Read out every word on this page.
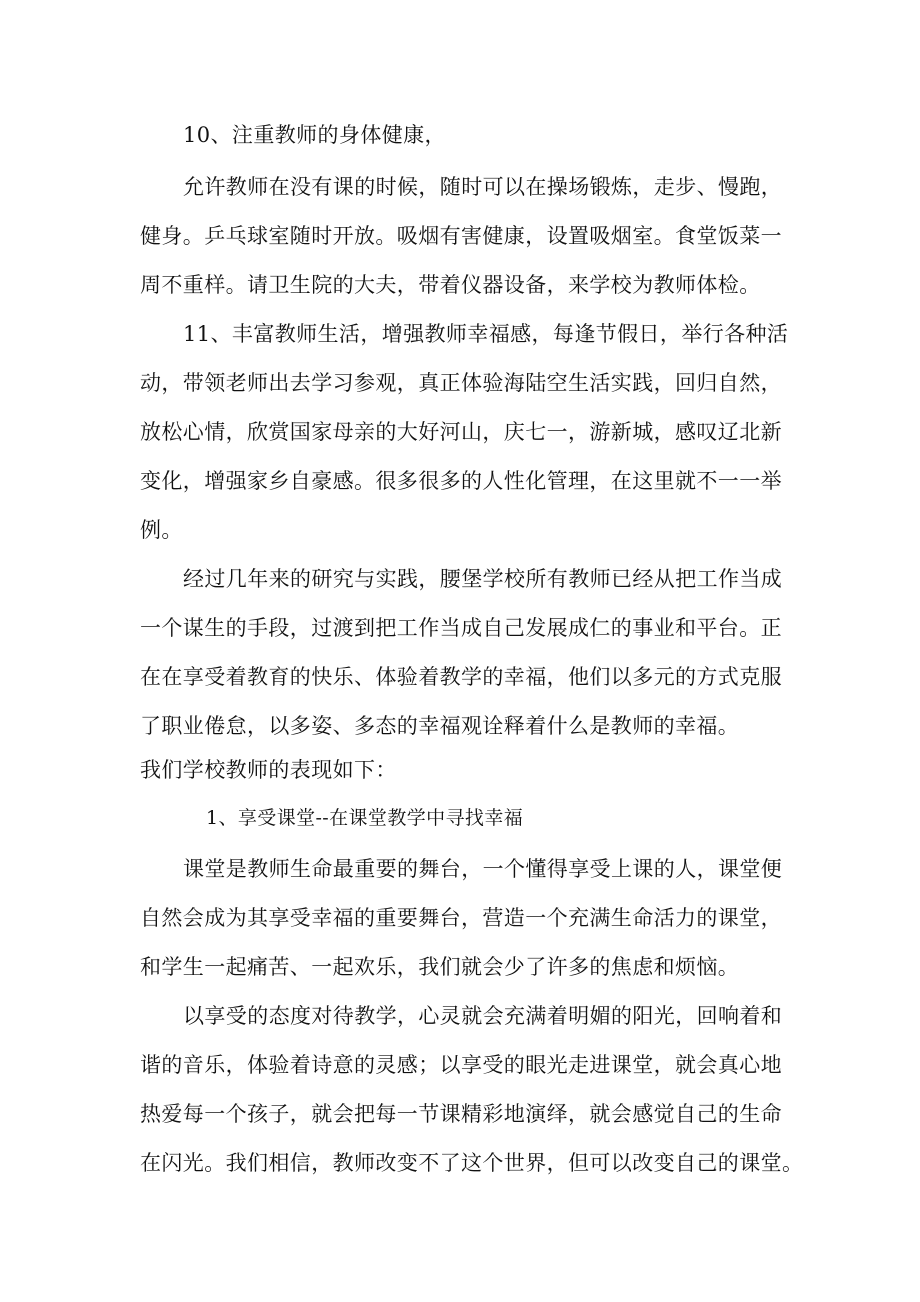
10、注重教师的身体健康，
允许教师在没有课的时候，随时可以在操场锻炼，走步、慢跑，
健身。乒乓球室随时开放。吸烟有害健康，设置吸烟室。食堂饭菜一
周不重样。请卫生院的大夫，带着仪器设备，来学校为教师体检。
11、丰富教师生活，增强教师幸福感，每逢节假日，举行各种活
动，带领老师出去学习参观，真正体验海陆空生活实践，回归自然，
放松心情，欣赏国家母亲的大好河山，庆七一，游新城，感叹辽北新
变化，增强家乡自豪感。很多很多的人性化管理，在这里就不一一举
例。
经过几年来的研究与实践，腰堡学校所有教师已经从把工作当成
一个谋生的手段，过渡到把工作当成自己发展成仁的事业和平台。正
在在享受着教育的快乐、体验着教学的幸福，他们以多元的方式克服
了职业倦怠，以多姿、多态的幸福观诠释着什么是教师的幸福。
我们学校教师的表现如下：
1、享受课堂--在课堂教学中寻找幸福
课堂是教师生命最重要的舞台，一个懂得享受上课的人，课堂便
自然会成为其享受幸福的重要舞台，营造一个充满生命活力的课堂，
和学生一起痛苦、一起欢乐，我们就会少了许多的焦虑和烦恼。
以享受的态度对待教学，心灵就会充满着明媚的阳光，回响着和
谐的音乐，体验着诗意的灵感；以享受的眼光走进课堂，就会真心地
热爱每一个孩子，就会把每一节课精彩地演绎，就会感觉自己的生命
在闪光。我们相信，教师改变不了这个世界，但可以改变自己的课堂。
